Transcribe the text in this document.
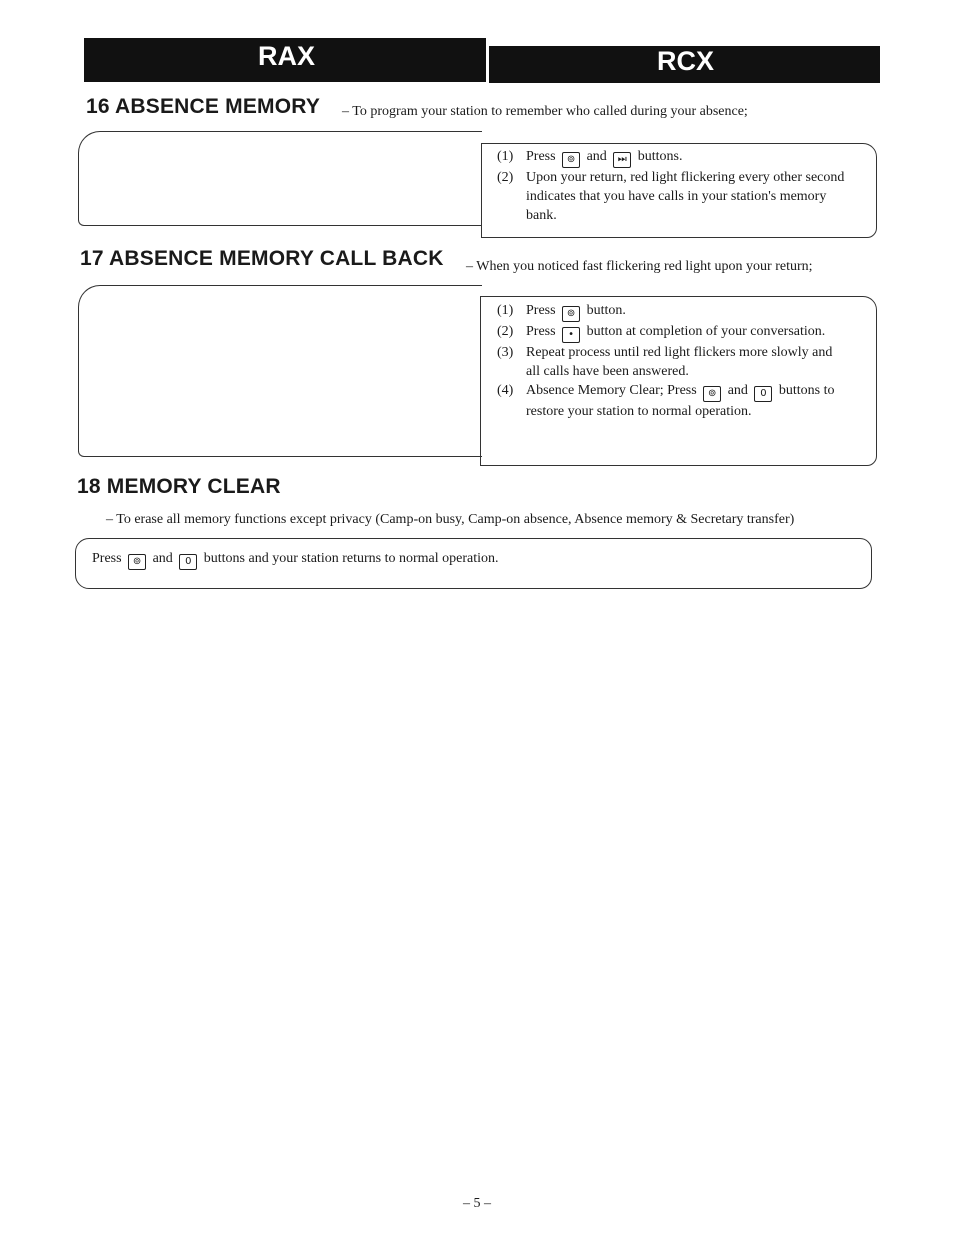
RAX	RCX
16 ABSENCE MEMORY – To program your station to remember who called during your absence;
(1) Press ⊚ and ⏭ buttons.
(2) Upon your return, red light flickering every other second indicates that you have calls in your station's memory bank.
17 ABSENCE MEMORY CALL BACK – When you noticed fast flickering red light upon your return;
(1) Press ⊚ button.
(2) Press • button at completion of your conversation.
(3) Repeat process until red light flickers more slowly and all calls have been answered.
(4) Absence Memory Clear; Press ⊚ and 0 buttons to restore your station to normal operation.
18 MEMORY CLEAR
– To erase all memory functions except privacy (Camp-on busy, Camp-on absence, Absence memory & Secretary transfer)
Press ⊚ and 0 buttons and your station returns to normal operation.
– 5 –
